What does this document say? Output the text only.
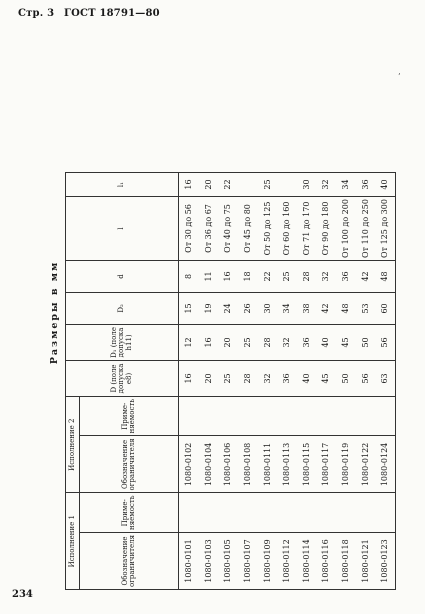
Стр. 3 ГОСТ 18791—80
’
Размеры в мм
Исполнение 1		Исполнение 2		D (поле допуска e8)	D₁ (поле допуска h11)	D₂	d	l	l₁
Обозначение ограничителя	Применяемость	Обозначение ограничителя	Применяемость						
1080-0101		1080-0102		16	12	15	8	От 30 до 56	16
1080-0103		1080-0104		20	16	19	11	От 36 до 67	20
1080-0105		1080-0106		25	20	24	16	От 40 до 75	22
1080-0107		1080-0108		28	25	26	18	От 45 до 80	
1080-0109		1080-0111		32	28	30	22	От 50 до 125	25
1080-0112		1080-0113		36	32	34	25	От 60 до 160	
1080-0114		1080-0115		40	36	38	28	От 71 до 170	30
1080-0116		1080-0117		45	40	42	32	От 90 до 180	32
1080-0118		1080-0119		50	45	48	36	От 100 до 200	34
1080-0121		1080-0122		56	50	53	42	От 110 до 250	36
1080-0123		1080-0124		63	56	60	48	От 125 до 300	40
234
